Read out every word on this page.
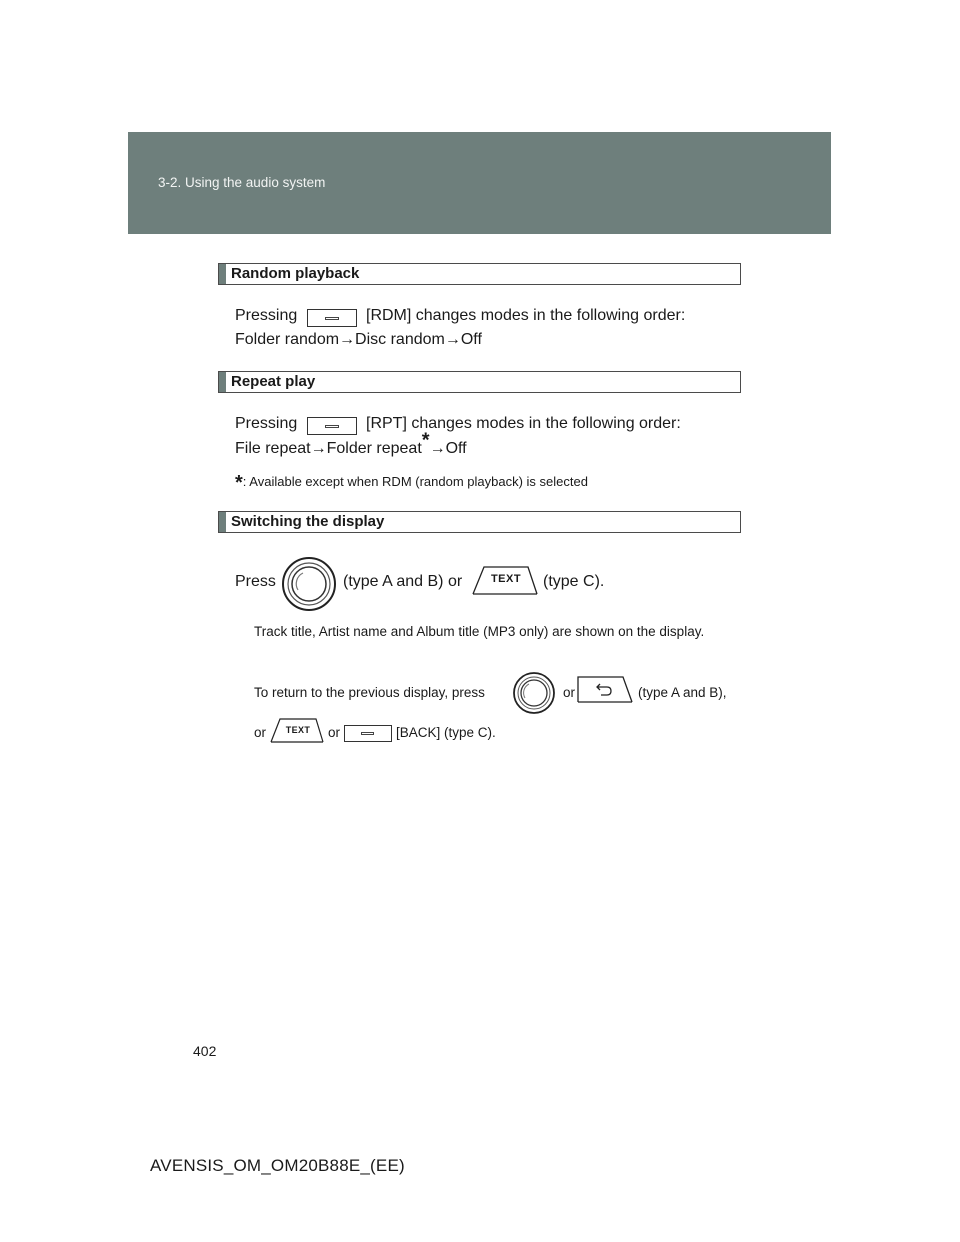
3-2. Using the audio system
Random playback
Pressing	[RDM] changes modes in the following order:
Folder random→Disc random→Off
Repeat play
Pressing	[RPT] changes modes in the following order:
File repeat→Folder repeat*→Off
*: Available except when RDM (random playback) is selected
Switching the display
Press	(type A and B) or	TEXT	(type C).
Track title, Artist name and Album title (MP3 only) are shown on the display.
To return to the previous display, press	or	(type A and B),
or	TEXT	or	[BACK] (type C).
402
AVENSIS_OM_OM20B88E_(EE)
